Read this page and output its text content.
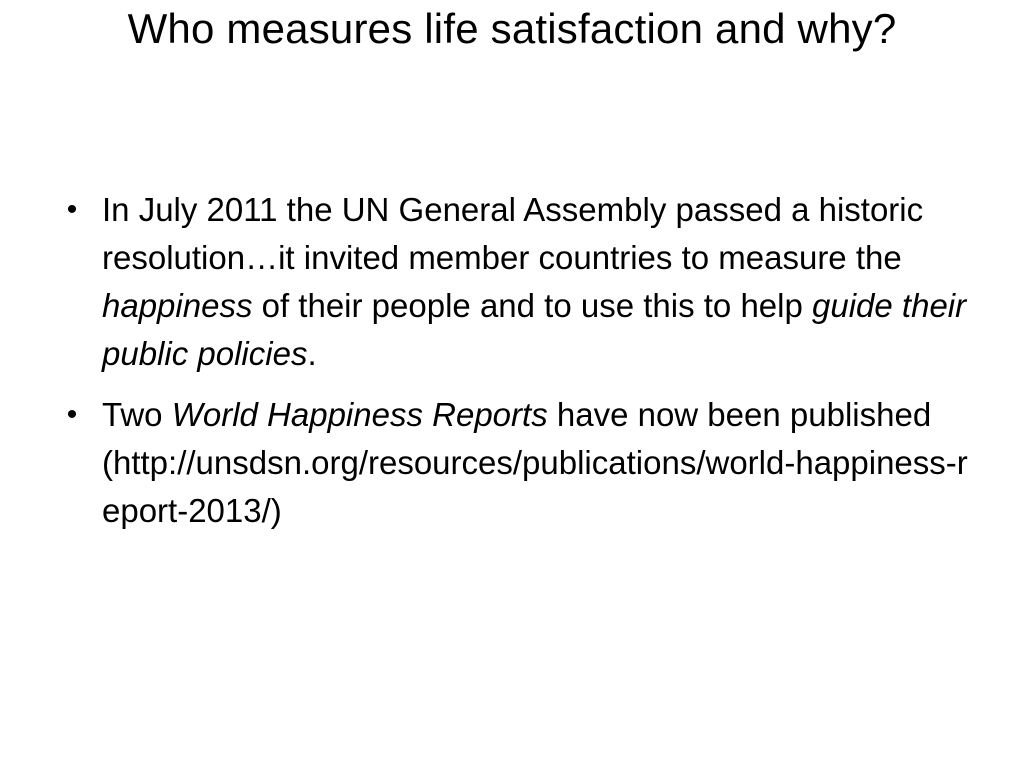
Who measures life satisfaction and why?
• In July 2011 the UN General Assembly passed a historic resolution…it invited member countries to measure the happiness of their people and to use this to help guide their public policies.
• Two World Happiness Reports have now been published (http://unsdsn.org/resources/publications/world-happiness-report-2013/)
